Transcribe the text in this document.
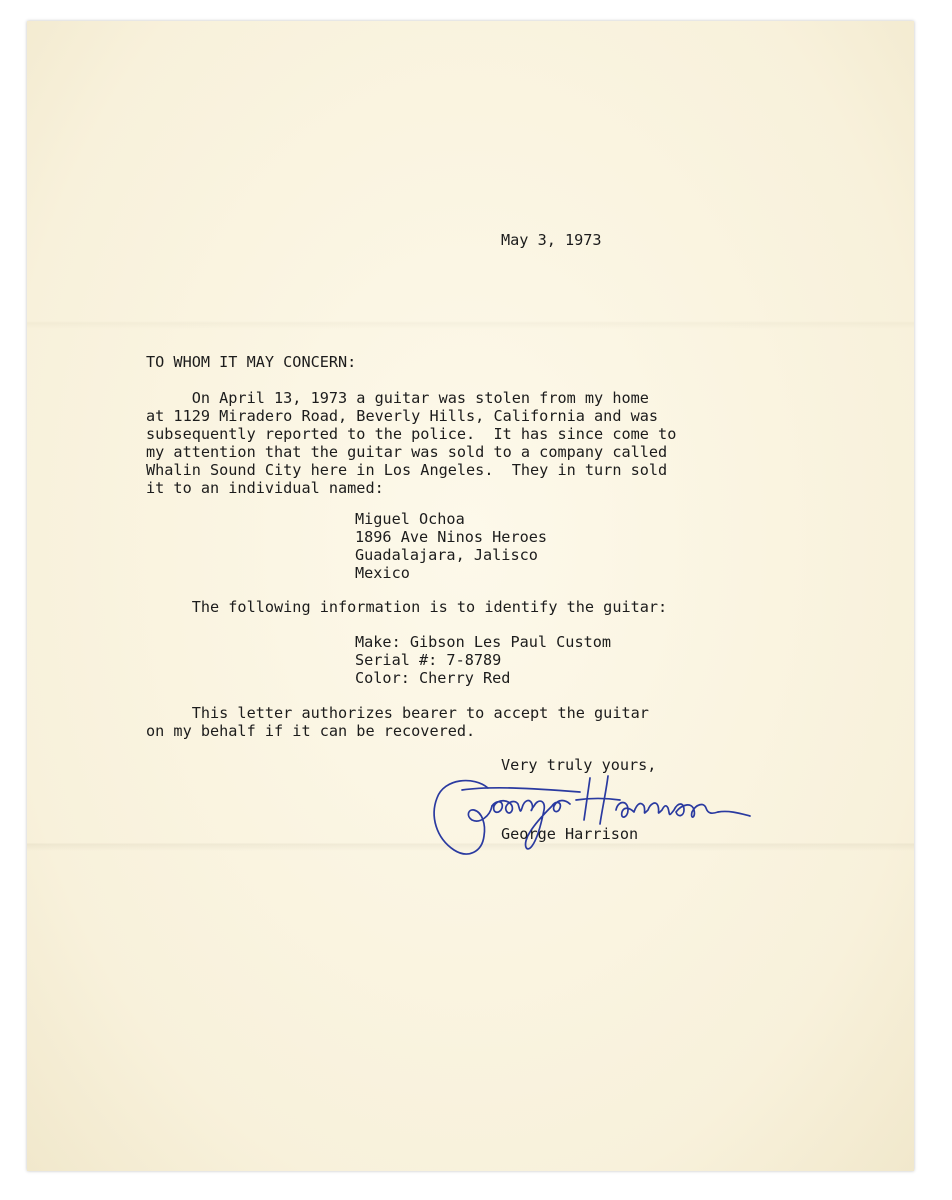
May 3, 1973

TO WHOM IT MAY CONCERN:

On April 13, 1973 a guitar was stolen from my home

at 1129 Miradero Road, Beverly Hills, California and was

subsequently reported to the police.  It has since come to

my attention that the guitar was sold to a company called

Whalin Sound City here in Los Angeles.  They in turn sold

it to an individual named:

Miguel Ochoa

1896 Ave Ninos Heroes

Guadalajara, Jalisco

Mexico

The following information is to identify the guitar:

Make: Gibson Les Paul Custom

Serial #: 7-8789

Color: Cherry Red

This letter authorizes bearer to accept the guitar

on my behalf if it can be recovered.

Very truly yours,

George Harrison
